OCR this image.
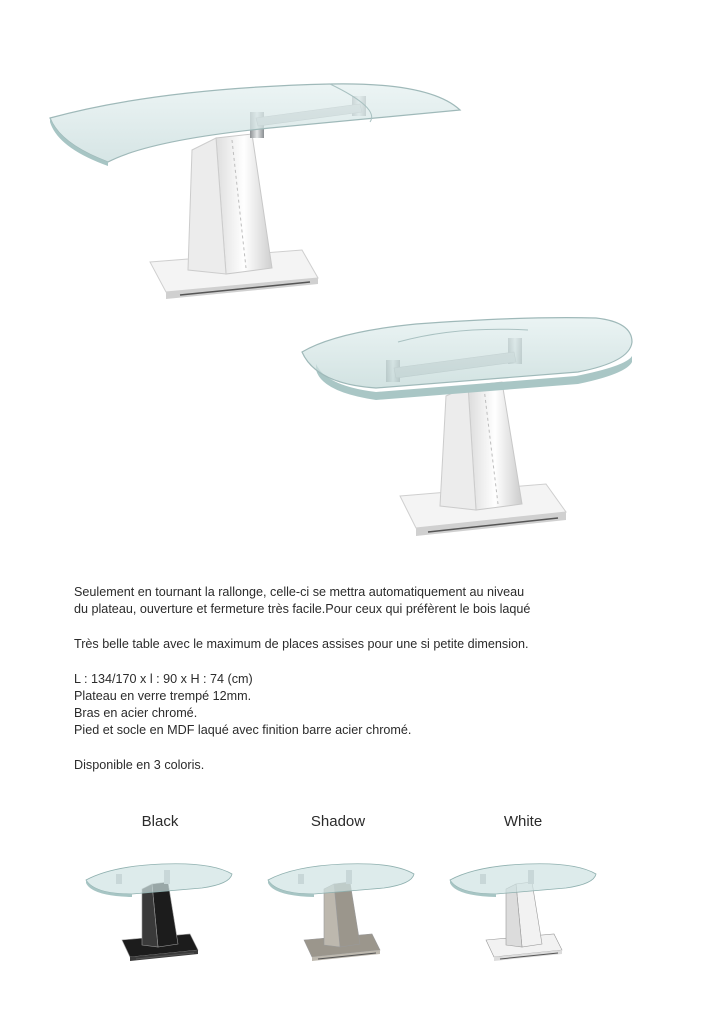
Seulement en tournant la rallonge, celle-ci se mettra automatiquement au niveau

du plateau, ouverture et fermeture très facile.Pour ceux qui préfèrent le bois laqué

Très belle table avec le maximum de places assises pour une si petite dimension.

L : 134/170 x l : 90 x H : 74 (cm)

Plateau en verre trempé 12mm.

Bras en acier chromé.

Pied et socle en MDF laqué avec finition barre acier chromé.

Disponible en 3 coloris.

Black	Shadow	White
